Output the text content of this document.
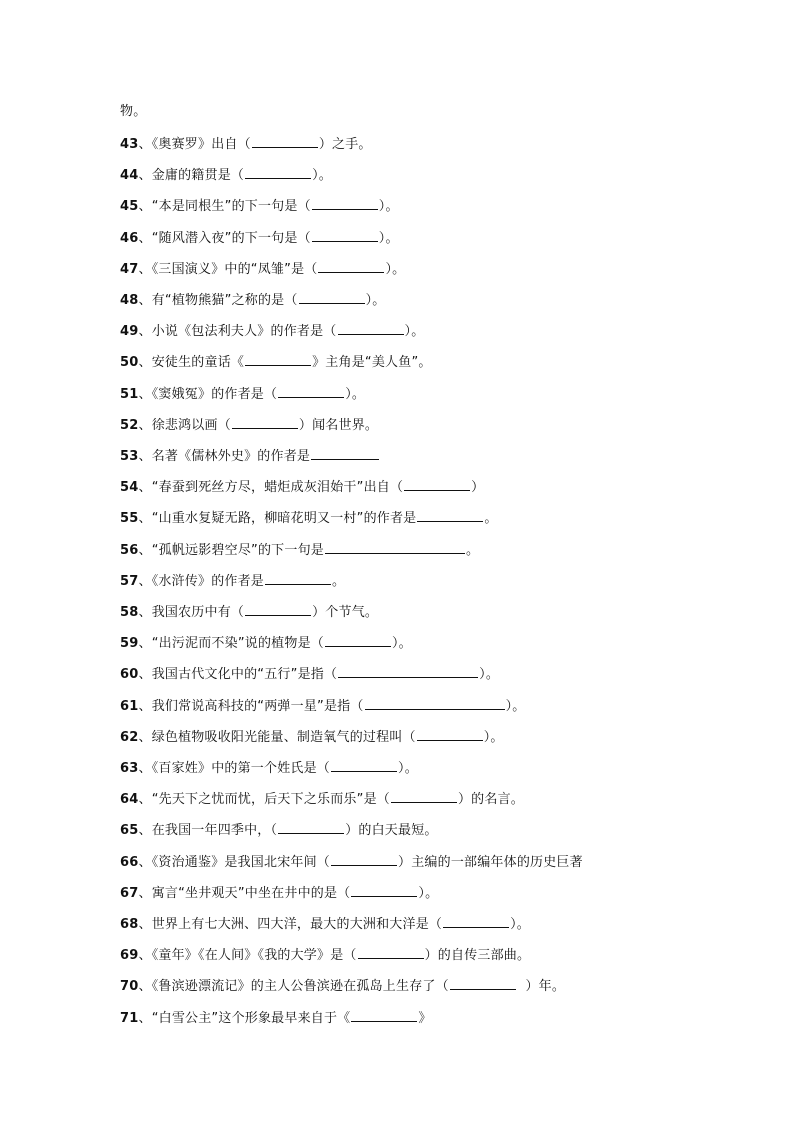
物。
43、《奥赛罗》出自（	）之手。
44、金庸的籍贯是（	）。
45、“本是同根生”的下一句是（	）。
46、“随风潜入夜”的下一句是（	）。
47、《三国演义》中的“凤雏”是（	）。
48、有“植物熊猫”之称的是（	）。
49、小说《包法利夫人》的作者是（	）。
50、安徒生的童话《	》主角是“美人鱼”。
51、《窦娥冤》的作者是（	）。
52、徐悲鸿以画（	）闻名世界。
53、名著《儒林外史》的作者是
54、“春蚕到死丝方尽，蜡炬成灰泪始干”出自（	）
55、“山重水复疑无路，柳暗花明又一村”的作者是	。
56、“孤帆远影碧空尽”的下一句是	。
57、《水浒传》的作者是	。
58、我国农历中有（	）个节气。
59、“出污泥而不染”说的植物是（	）。
60、我国古代文化中的“五行”是指（	）。
61、我们常说高科技的“两弹一星”是指（	）。
62、绿色植物吸收阳光能量、制造氧气的过程叫（	）。
63、《百家姓》中的第一个姓氏是（	）。
64、“先天下之忧而忧，后天下之乐而乐”是（	）的名言。
65、在我国一年四季中，（	）的白天最短。
66、《资治通鉴》是我国北宋年间（	）主编的一部编年体的历史巨著
67、寓言“坐井观天”中坐在井中的是（	）。
68、世界上有七大洲、四大洋，最大的大洲和大洋是（	）。
69、《童年》《在人间》《我的大学》是（	）的自传三部曲。
70、《鲁滨逊漂流记》的主人公鲁滨逊在孤岛上生存了（	）年。
71、“白雪公主”这个形象最早来自于《	》
